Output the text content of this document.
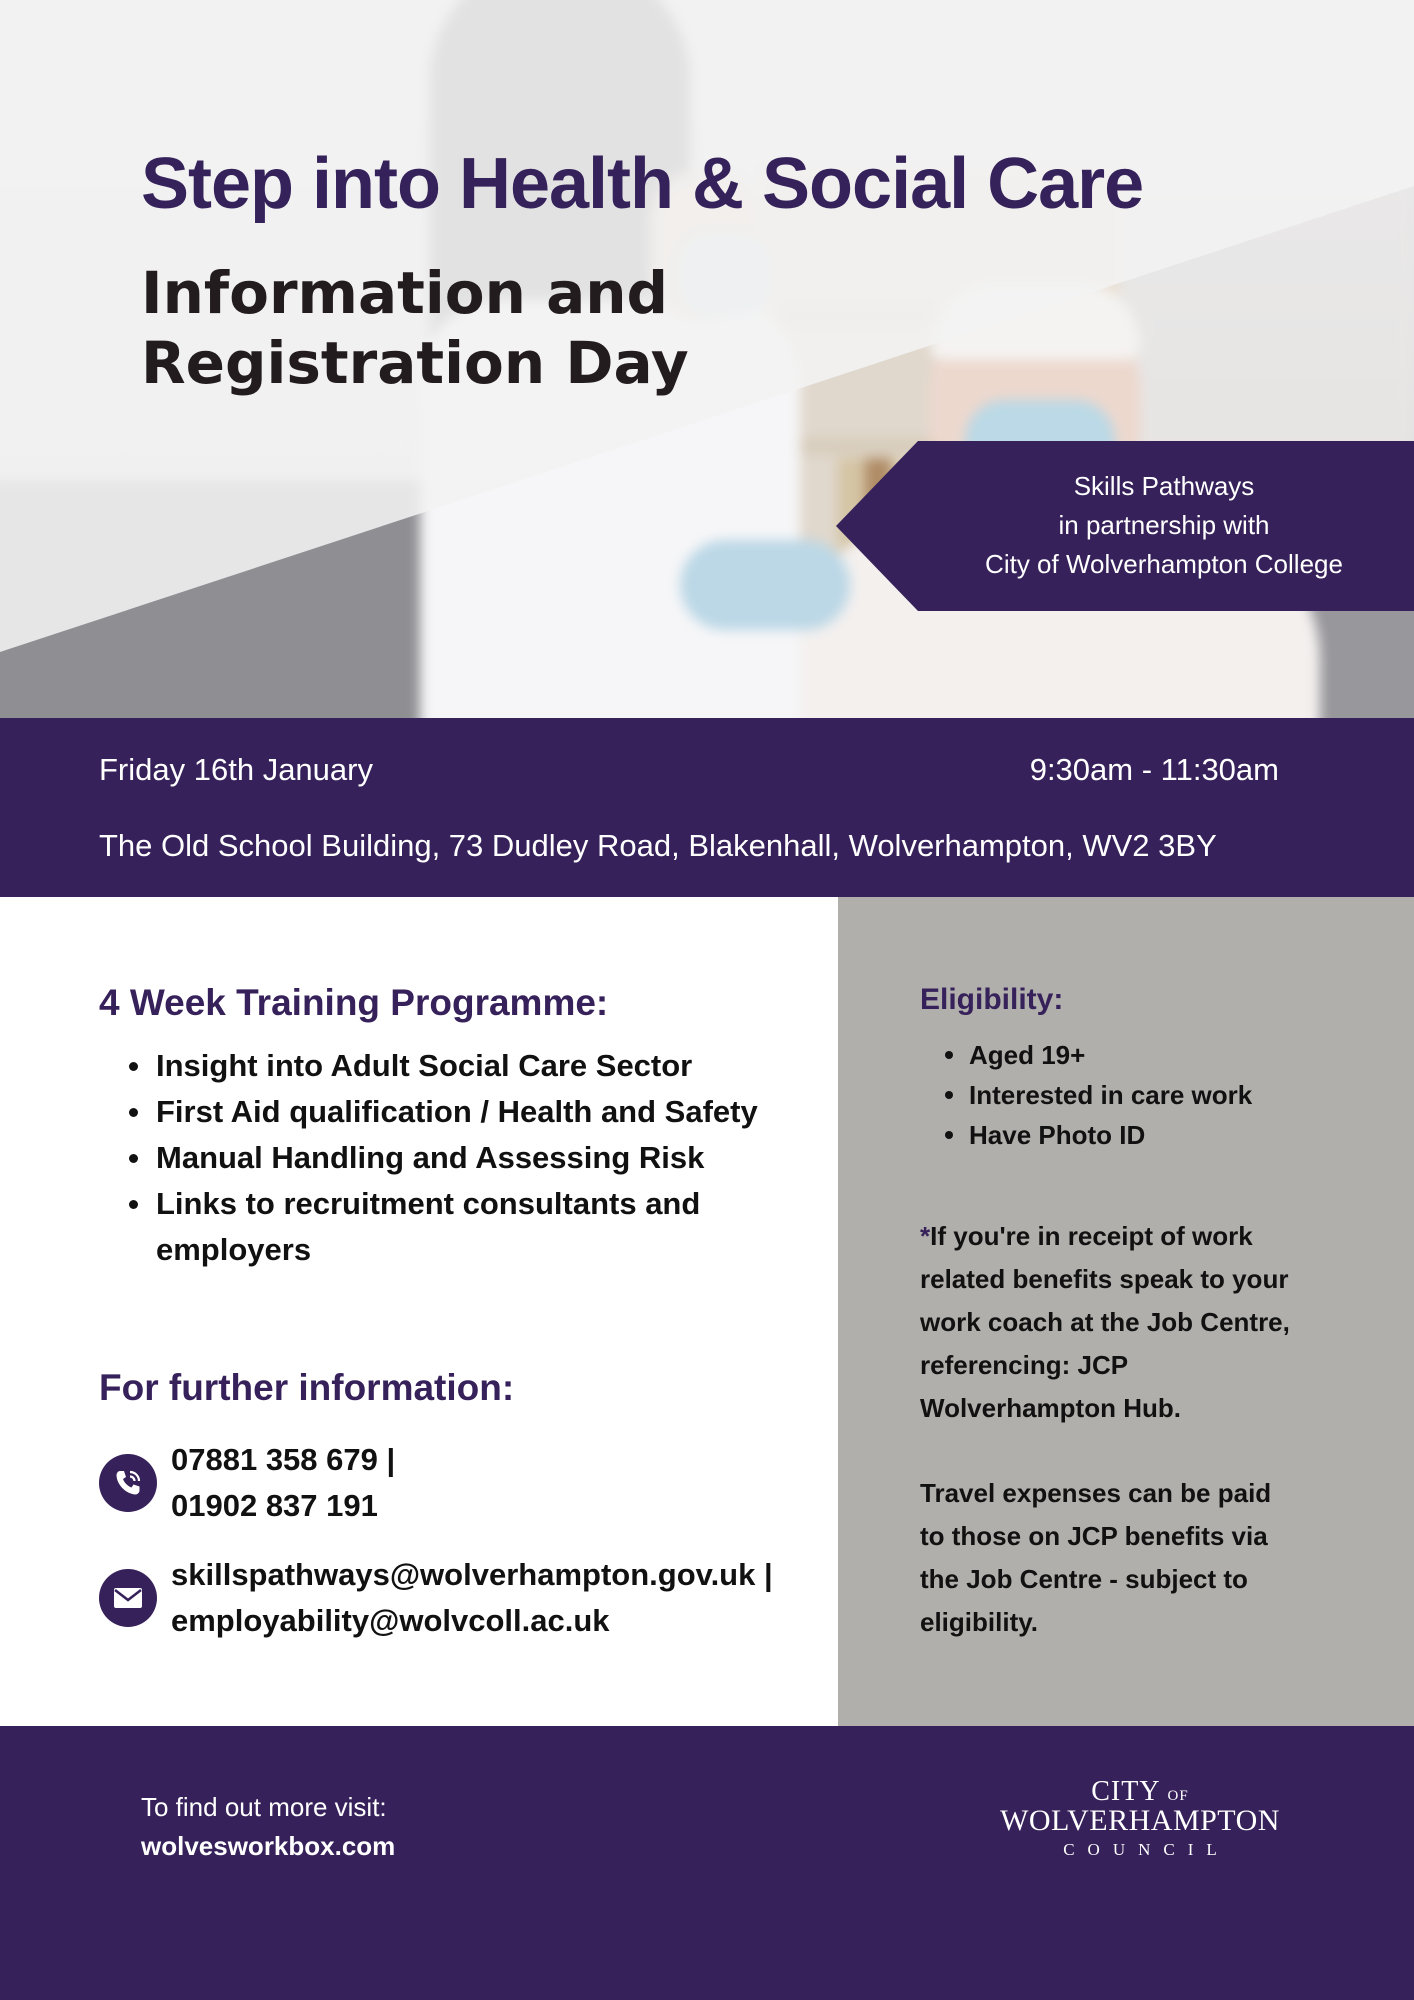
Step into Health & Social Care
Information and
Registration Day
Skills Pathways
in partnership with
City of Wolverhampton College
Friday 16th January	9:30am - 11:30am
The Old School Building, 73 Dudley Road, Blakenhall, Wolverhampton, WV2 3BY
4 Week Training Programme:
Insight into Adult Social Care Sector
First Aid qualification / Health and Safety
Manual Handling and Assessing Risk
Links to recruitment consultants and employers
For further information:
07881 358 679 |
01902 837 191
skillspathways@wolverhampton.gov.uk |
employability@wolvcoll.ac.uk
Eligibility:
Aged 19+
Interested in care work
Have Photo ID

*If you're in receipt of work related benefits speak to your work coach at the Job Centre, referencing: JCP Wolverhampton Hub.

Travel expenses can be paid to those on JCP benefits via the Job Centre - subject to eligibility.

To find out more visit:
wolvesworkbox.com
CITY OF
WOLVERHAMPTON
COUNCIL
